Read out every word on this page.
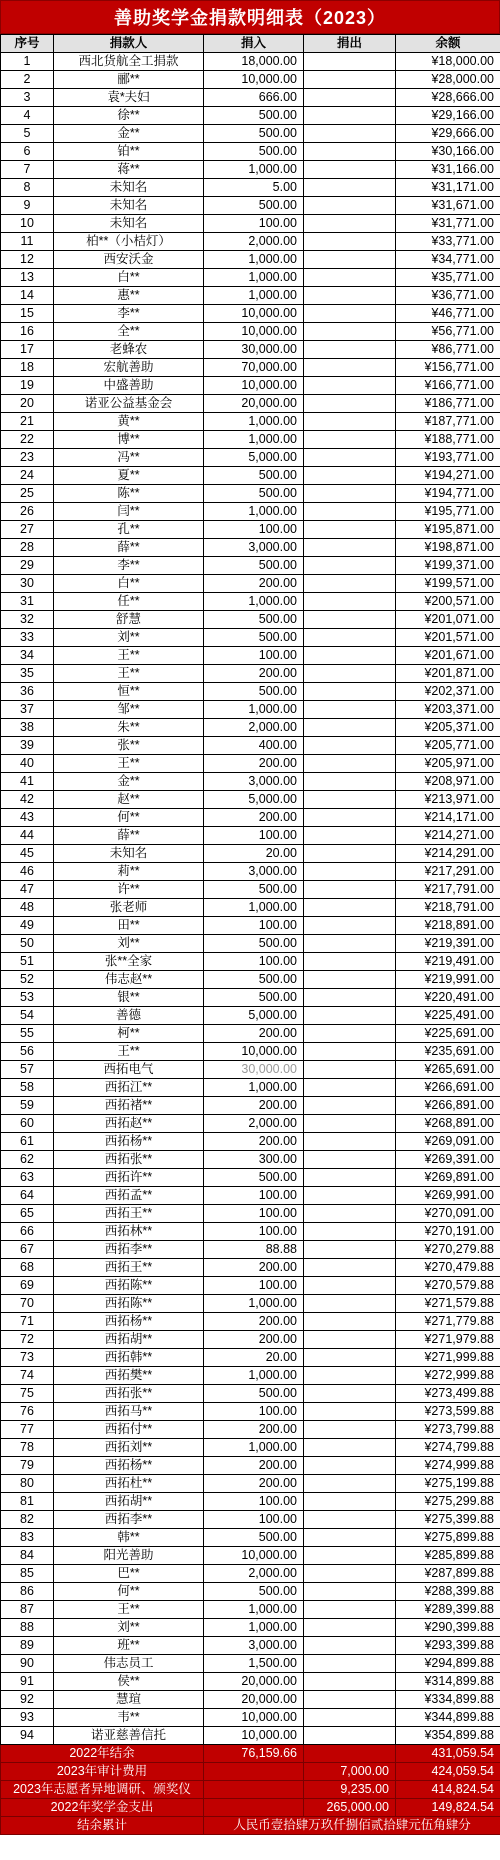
善助奖学金捐款明细表（2023）
序号	捐款人	捐入	捐出	余额
1	西北货航全工捐款	18,000.00		¥18,000.00
2	郦**	10,000.00		¥28,000.00
3	袁*夫妇	666.00		¥28,666.00
4	徐**	500.00		¥29,166.00
5	金**	500.00		¥29,666.00
6	铂**	500.00		¥30,166.00
7	蒋**	1,000.00		¥31,166.00
8	未知名	5.00		¥31,171.00
9	未知名	500.00		¥31,671.00
10	未知名	100.00		¥31,771.00
11	柏**（小桔灯）	2,000.00		¥33,771.00
12	西安沃金	1,000.00		¥34,771.00
13	白**	1,000.00		¥35,771.00
14	惠**	1,000.00		¥36,771.00
15	李**	10,000.00		¥46,771.00
16	全**	10,000.00		¥56,771.00
17	老蜂农	30,000.00		¥86,771.00
18	宏航善助	70,000.00		¥156,771.00
19	中盛善助	10,000.00		¥166,771.00
20	诺亚公益基金会	20,000.00		¥186,771.00
21	黄**	1,000.00		¥187,771.00
22	博**	1,000.00		¥188,771.00
23	冯**	5,000.00		¥193,771.00
24	夏**	500.00		¥194,271.00
25	陈**	500.00		¥194,771.00
26	闫**	1,000.00		¥195,771.00
27	孔**	100.00		¥195,871.00
28	薛**	3,000.00		¥198,871.00
29	李**	500.00		¥199,371.00
30	白**	200.00		¥199,571.00
31	任**	1,000.00		¥200,571.00
32	舒慧	500.00		¥201,071.00
33	刘**	500.00		¥201,571.00
34	王**	100.00		¥201,671.00
35	王**	200.00		¥201,871.00
36	恒**	500.00		¥202,371.00
37	邹**	1,000.00		¥203,371.00
38	朱**	2,000.00		¥205,371.00
39	张**	400.00		¥205,771.00
40	王**	200.00		¥205,971.00
41	金**	3,000.00		¥208,971.00
42	赵**	5,000.00		¥213,971.00
43	何**	200.00		¥214,171.00
44	薛**	100.00		¥214,271.00
45	未知名	20.00		¥214,291.00
46	莉**	3,000.00		¥217,291.00
47	许**	500.00		¥217,791.00
48	张老师	1,000.00		¥218,791.00
49	田**	100.00		¥218,891.00
50	刘**	500.00		¥219,391.00
51	张**全家	100.00		¥219,491.00
52	伟志赵**	500.00		¥219,991.00
53	银**	500.00		¥220,491.00
54	善德	5,000.00		¥225,491.00
55	柯**	200.00		¥225,691.00
56	王**	10,000.00		¥235,691.00
57	西拓电气	30,000.00		¥265,691.00
58	西拓江**	1,000.00		¥266,691.00
59	西拓褚**	200.00		¥266,891.00
60	西拓赵**	2,000.00		¥268,891.00
61	西拓杨**	200.00		¥269,091.00
62	西拓张**	300.00		¥269,391.00
63	西拓许**	500.00		¥269,891.00
64	西拓孟**	100.00		¥269,991.00
65	西拓王**	100.00		¥270,091.00
66	西拓林**	100.00		¥270,191.00
67	西拓李**	88.88		¥270,279.88
68	西拓王**	200.00		¥270,479.88
69	西拓陈**	100.00		¥270,579.88
70	西拓陈**	1,000.00		¥271,579.88
71	西拓杨**	200.00		¥271,779.88
72	西拓胡**	200.00		¥271,979.88
73	西拓韩**	20.00		¥271,999.88
74	西拓樊**	1,000.00		¥272,999.88
75	西拓张**	500.00		¥273,499.88
76	西拓马**	100.00		¥273,599.88
77	西拓付**	200.00		¥273,799.88
78	西拓刘**	1,000.00		¥274,799.88
79	西拓杨**	200.00		¥274,999.88
80	西拓杜**	200.00		¥275,199.88
81	西拓胡**	100.00		¥275,299.88
82	西拓李**	100.00		¥275,399.88
83	韩**	500.00		¥275,899.88
84	阳光善助	10,000.00		¥285,899.88
85	巴**	2,000.00		¥287,899.88
86	何**	500.00		¥288,399.88
87	王**	1,000.00		¥289,399.88
88	刘**	1,000.00		¥290,399.88
89	班**	3,000.00		¥293,399.88
90	伟志员工	1,500.00		¥294,899.88
91	侯**	20,000.00		¥314,899.88
92	慧瑄	20,000.00		¥334,899.88
93	韦**	10,000.00		¥344,899.88
94	诺亚慈善信托	10,000.00		¥354,899.88
2022年结余		76,159.66		431,059.54
2023年审计费用			7,000.00	424,059.54
2023年志愿者异地调研、颁奖仪			9,235.00	414,824.54
2022年奖学金支出			265,000.00	149,824.54
结余累计		人民币壹拾肆万玖仟捌佰贰拾肆元伍角肆分		
